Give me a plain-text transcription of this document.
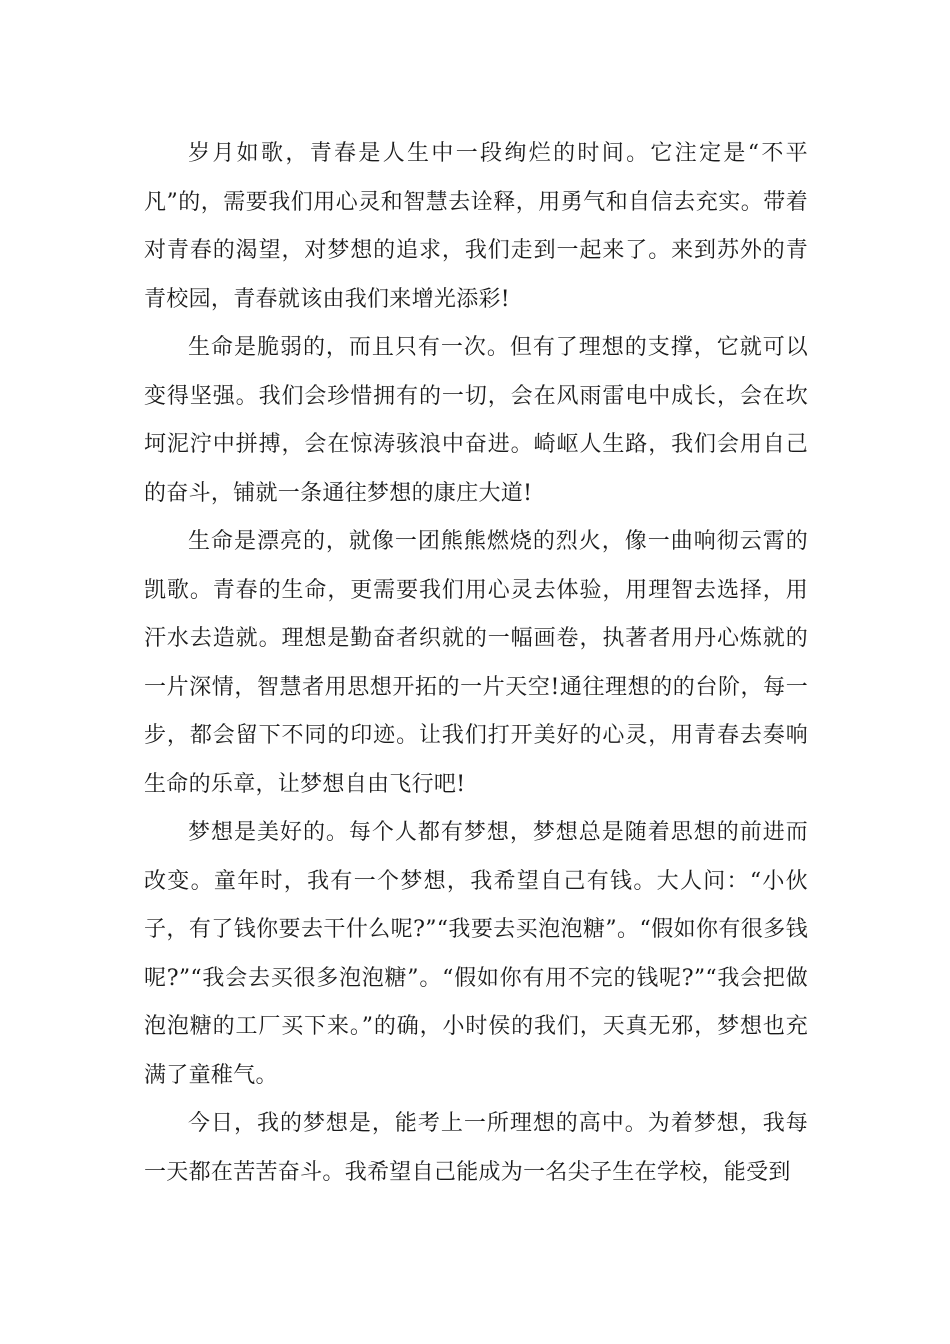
岁月如歌，青春是人生中一段绚烂的时间。它注定是“不平凡”的，需要我们用心灵和智慧去诠释，用勇气和自信去充实。带着对青春的渴望，对梦想的追求，我们走到一起来了。来到苏外的青青校园，青春就该由我们来增光添彩!

生命是脆弱的，而且只有一次。但有了理想的支撑，它就可以变得坚强。我们会珍惜拥有的一切，会在风雨雷电中成长，会在坎坷泥泞中拼搏，会在惊涛骇浪中奋进。崎岖人生路，我们会用自己的奋斗，铺就一条通往梦想的康庄大道!

生命是漂亮的，就像一团熊熊燃烧的烈火，像一曲响彻云霄的凯歌。青春的生命，更需要我们用心灵去体验，用理智去选择，用汗水去造就。理想是勤奋者织就的一幅画卷，执著者用丹心炼就的一片深情，智慧者用思想开拓的一片天空!通往理想的的台阶，每一步，都会留下不同的印迹。让我们打开美好的心灵，用青春去奏响生命的乐章，让梦想自由飞行吧!

梦想是美好的。每个人都有梦想，梦想总是随着思想的前进而改变。童年时，我有一个梦想，我希望自己有钱。大人问：“小伙子，有了钱你要去干什么呢?”“我要去买泡泡糖”。“假如你有很多钱呢?”“我会去买很多泡泡糖”。“假如你有用不完的钱呢?”“我会把做泡泡糖的工厂买下来。”的确，小时侯的我们，天真无邪，梦想也充满了童稚气。

今日，我的梦想是，能考上一所理想的高中。为着梦想，我每一天都在苦苦奋斗。我希望自己能成为一名尖子生在学校，能受到
